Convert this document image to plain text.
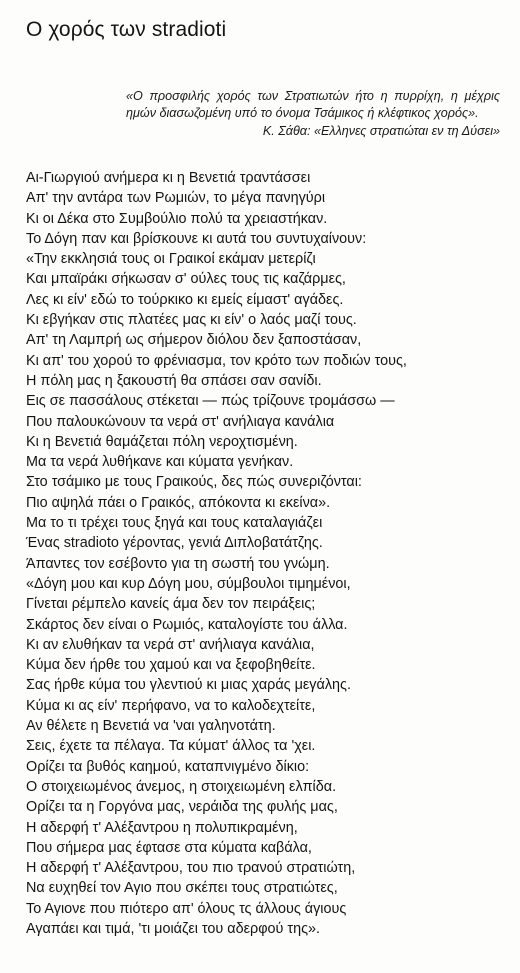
Ο χορός των stradioti

«Ο προσφιλής χορός των Στρατιωτών ήτο η πυρρίχη, η μέχρις ημών διασωζομένη υπό το όνομα Τσάμικος ή κλέφτικος χορός».

Κ. Σάθα: «Ελληνες στρατιώται εν τη Δύσει»

Αι-Γιωργιού ανήμερα κι η Βενετιά τραντάσσει
Απ' την αντάρα των Ρωμιών, το μέγα πανηγύρι
Κι οι Δέκα στο Συμβούλιο πολύ τα χρειαστήκαν.
Το Δόγη παν και βρίσκουνε κι αυτά του συντυχαίνουν:
«Την εκκλησιά τους οι Γραικοί εκάμαν μετερίζι
Και μπαϊράκι σήκωσαν σ' ούλες τους τις καζάρμες,
Λες κι είν' εδώ το τούρκικο κι εμείς είμαστ' αγάδες.
Κι εβγήκαν στις πλατέες μας κι είν' ο λαός μαζί τους.
Απ' τη Λαμπρή ως σήμερον διόλου δεν ξαποστάσαν,
Κι απ' του χορού το φρένιασμα, τον κρότο των ποδιών τους,
Η πόλη μας η ξακουστή θα σπάσει σαν σανίδι.
Εις σε πασσάλους στέκεται — πώς τρίζουνε τρομάσσω —
Που παλουκώνουν τα νερά στ' ανήλιαγα κανάλια
Κι η Βενετιά θαμάζεται πόλη νεροχτισμένη.
Μα τα νερά λυθήκανε και κύματα γενήκαν.
Στο τσάμικο με τους Γραικούς, δες πώς συνεριζόνται:
Πιο αψηλά πάει ο Γραικός, απόκοντα κι εκείνα».
Μα το τι τρέχει τους ξηγά και τους καταλαγιάζει
Ένας stradioto γέροντας, γενιά Διπλοβατάτζης.
Άπαντες τον εσέβοντο για τη σωστή του γνώμη.
«Δόγη μου και κυρ Δόγη μου, σύμβουλοι τιμημένοι,
Γίνεται ρέμπελο κανείς άμα δεν τον πειράξεις;
Σκάρτος δεν είναι ο Ρωμιός, καταλογίστε του άλλα.
Κι αν ελυθήκαν τα νερά στ' ανήλιαγα κανάλια,
Κύμα δεν ήρθε του χαμού και να ξεφοβηθείτε.
Σας ήρθε κύμα του γλεντιού κι μιας χαράς μεγάλης.
Κύμα κι ας είν' περήφανο, να το καλοδεχτείτε,
Αν θέλετε η Βενετιά να 'ναι γαληνοτάτη.
Σεις, έχετε τα πέλαγα. Τα κύματ' άλλος τα 'χει.
Ορίζει τα βυθός καημού, καταπνιγμένο δίκιο:
Ο στοιχειωμένος άνεμος, η στοιχειωμένη ελπίδα.
Ορίζει τα η Γοργόνα μας, νεράιδα της φυλής μας,
Η αδερφή τ' Αλέξαντρου η πολυπικραμένη,
Που σήμερα μας έφτασε στα κύματα καβάλα,
Η αδερφή τ' Αλέξαντρου, του πιο τρανού στρατιώτη,
Να ευχηθεί τον Αγιο που σκέπει τους στρατιώτες,
Το Αγιονε που πιότερο απ' όλους τς άλλους άγιους
Αγαπάει και τιμά, 'τι μοιάζει του αδερφού της».
